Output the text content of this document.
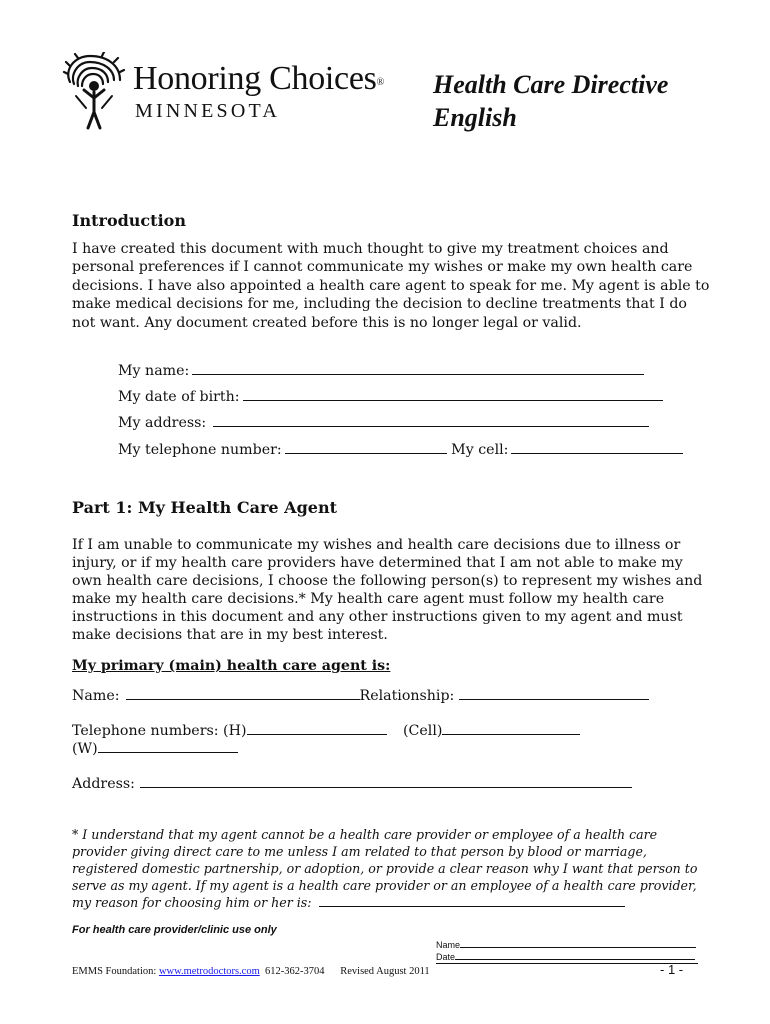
Honoring Choices®
MINNESOTA
Health Care Directive
English
Introduction
I have created this document with much thought to give my treatment choices and personal preferences if I cannot communicate my wishes or make my own health care decisions. I have also appointed a health care agent to speak for me. My agent is able to make medical decisions for me, including the decision to decline treatments that I do not want. Any document created before this is no longer legal or valid.
My name:
My date of birth:
My address:
My telephone number:	My cell:
Part 1: My Health Care Agent
If I am unable to communicate my wishes and health care decisions due to illness or injury, or if my health care providers have determined that I am not able to make my own health care decisions, I choose the following person(s) to represent my wishes and make my health care decisions.* My health care agent must follow my health care instructions in this document and any other instructions given to my agent and must make decisions that are in my best interest.
My primary (main) health care agent is:
Name:	Relationship:
Telephone numbers: (H)	(Cell)
(W)
Address:
* I understand that my agent cannot be a health care provider or employee of a health care provider giving direct care to me unless I am related to that person by blood or marriage, registered domestic partnership, or adoption, or provide a clear reason why I want that person to serve as my agent. If my agent is a health care provider or an employee of a health care provider, my reason for choosing him or her is:
For health care provider/clinic use only
Name
Date
EMMS Foundation: www.metrodoctors.com 612-362-3704 Revised August 2011	- 1 -
